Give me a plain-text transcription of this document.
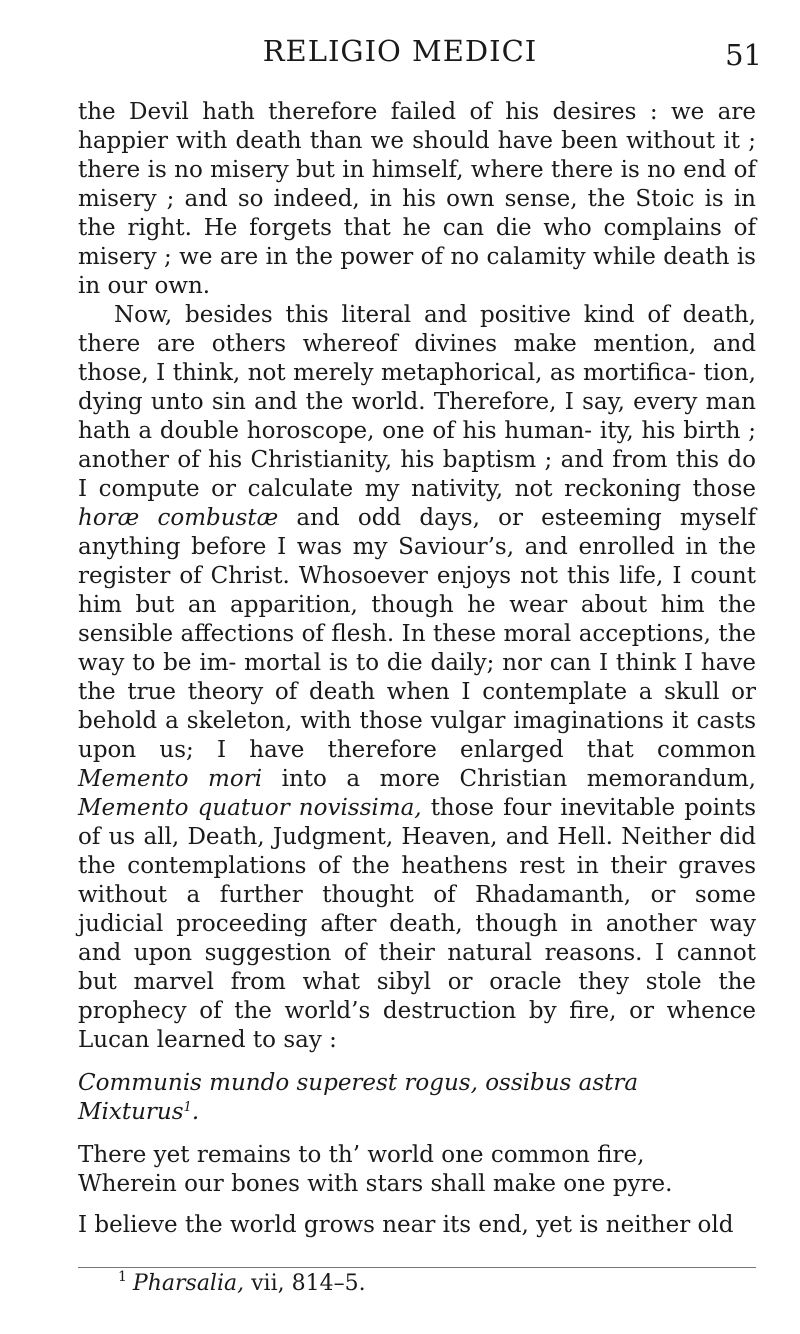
RELIGIO MEDICI	51

the Devil hath therefore failed of his desires : we are happier with death than we should have been without it ; there is no misery but in himself, where there is no end of misery ; and so indeed, in his own sense, the Stoic is in the right. He forgets that he can die who complains of misery ; we are in the power of no calamity while death is in our own.

Now, besides this literal and positive kind of death, there are others whereof divines make mention, and those, I think, not merely metaphorical, as mortifica- tion, dying unto sin and the world. Therefore, I say, every man hath a double horoscope, one of his human- ity, his birth ; another of his Christianity, his baptism ; and from this do I compute or calculate my nativity, not reckoning those horæ combustæ and odd days, or esteeming myself anything before I was my Saviour’s, and enrolled in the register of Christ. Whosoever enjoys not this life, I count him but an apparition, though he wear about him the sensible affections of flesh. In these moral acceptions, the way to be im- mortal is to die daily; nor can I think I have the true theory of death when I contemplate a skull or behold a skeleton, with those vulgar imaginations it casts upon us; I have therefore enlarged that common Memento mori into a more Christian memorandum, Memento quatuor novissima, those four inevitable points of us all, Death, Judgment, Heaven, and Hell. Neither did the contemplations of the heathens rest in their graves without a further thought of Rhadamanth, or some judicial proceeding after death, though in another way and upon suggestion of their natural reasons. I cannot but marvel from what sibyl or oracle they stole the prophecy of the world’s destruction by fire, or whence Lucan learned to say :

Communis mundo superest rogus, ossibus astra
Mixturus$^1$.
There yet remains to th’ world one common fire,
Wherein our bones with stars shall make one pyre.

I believe the world grows near its end, yet is neither old

$^1$ Pharsalia, vii, 814–5.
